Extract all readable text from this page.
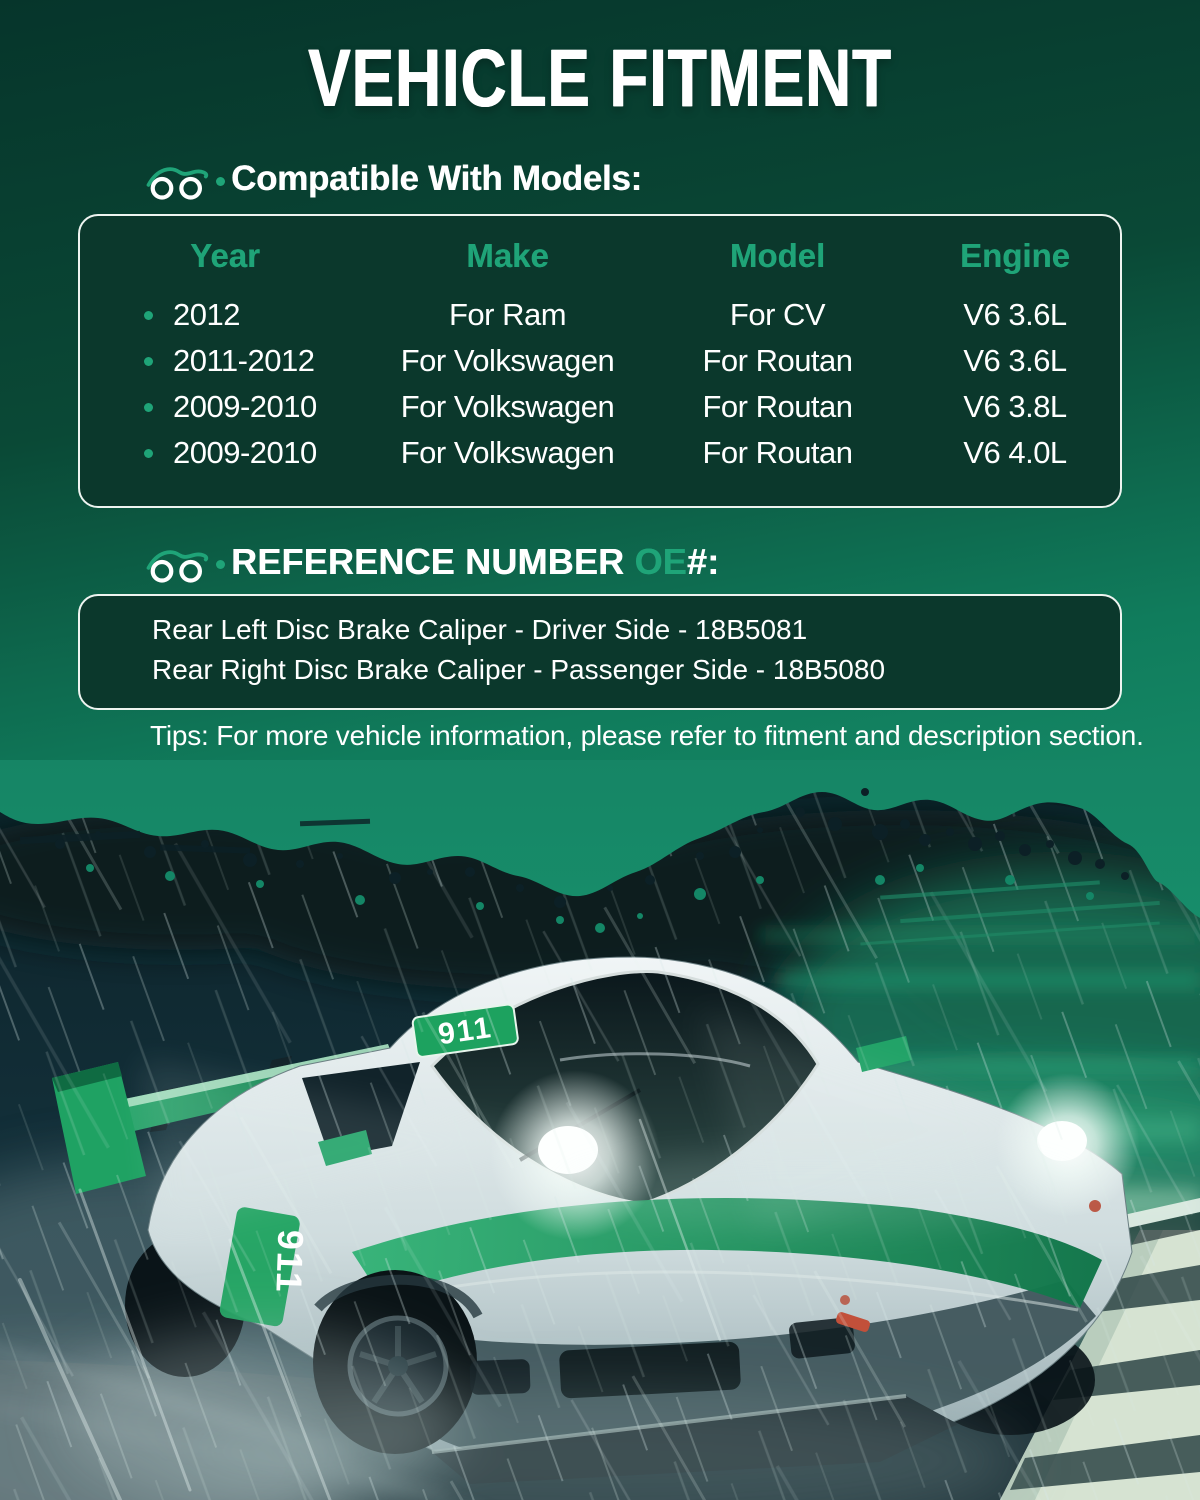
VEHICLE FITMENT
Compatible With Models:
Year	Make	Model	Engine
2012	For Ram	For CV	V6 3.6L
2011-2012	For Volkswagen	For Routan	V6 3.6L
2009-2010	For Volkswagen	For Routan	V6 3.8L
2009-2010	For Volkswagen	For Routan	V6 4.0L
REFERENCE NUMBER OE#:
Rear Left Disc Brake Caliper - Driver Side - 18B5081
Rear Right Disc Brake Caliper - Passenger Side - 18B5080
Tips: For more vehicle information, please refer to fitment and description section.
